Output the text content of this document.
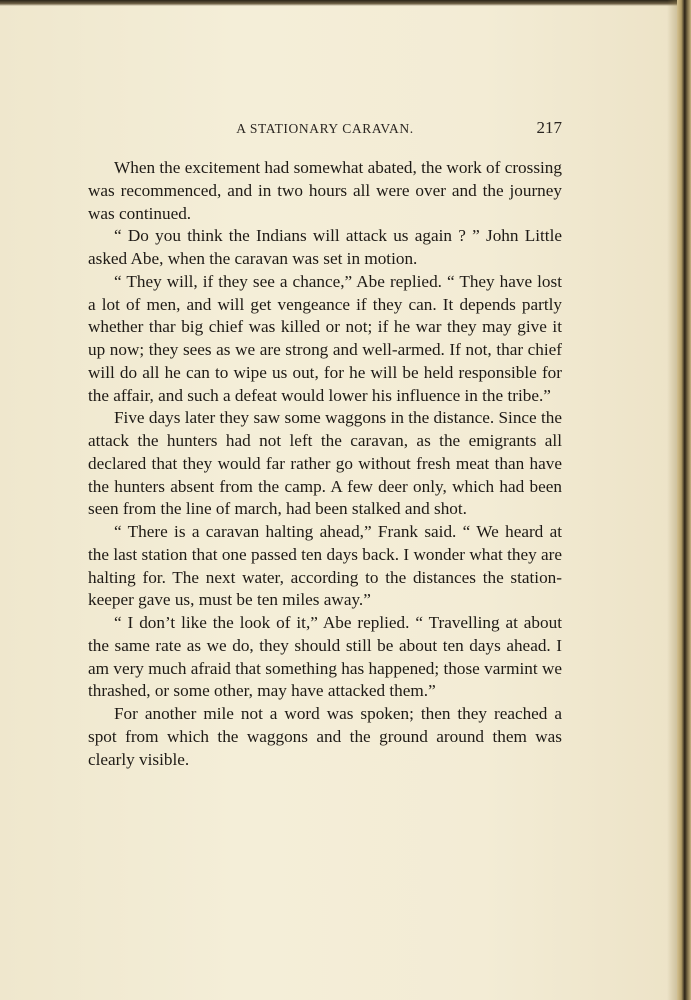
A STATIONARY CARAVAN.	217

When the excitement had somewhat abated, the work of crossing was recommenced, and in two hours all were over and the journey was continued.

“ Do you think the Indians will attack us again ? ” John Little asked Abe, when the caravan was set in motion.

“ They will, if they see a chance,” Abe replied. “ They have lost a lot of men, and will get vengeance if they can. It depends partly whether thar big chief was killed or not; if he war they may give it up now; they sees as we are strong and well-armed. If not, thar chief will do all he can to wipe us out, for he will be held responsible for the affair, and such a defeat would lower his influence in the tribe.”

Five days later they saw some waggons in the distance. Since the attack the hunters had not left the caravan, as the emigrants all declared that they would far rather go without fresh meat than have the hunters absent from the camp. A few deer only, which had been seen from the line of march, had been stalked and shot.

“ There is a caravan halting ahead,” Frank said. “ We heard at the last station that one passed ten days back. I wonder what they are halting for. The next water, according to the distances the station-keeper gave us, must be ten miles away.”

“ I don’t like the look of it,” Abe replied. “ Travelling at about the same rate as we do, they should still be about ten days ahead. I am very much afraid that something has happened; those varmint we thrashed, or some other, may have attacked them.”

For another mile not a word was spoken; then they reached a spot from which the waggons and the ground around them was clearly visible.
